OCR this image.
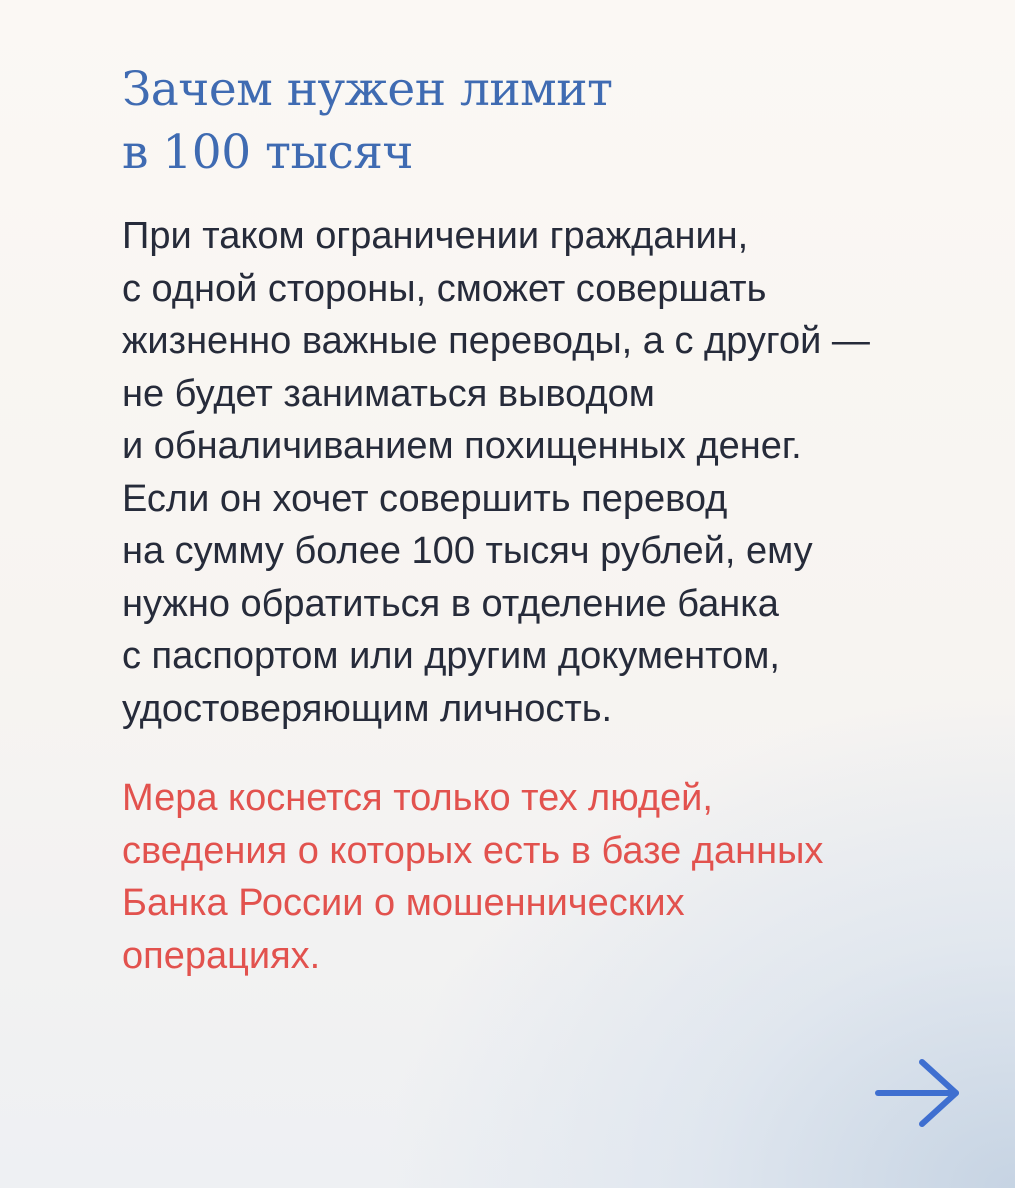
Зачем нужен лимит
в 100 тысяч

При таком ограничении гражданин,
с одной стороны, сможет совершать
жизненно важные переводы, а с другой —
не будет заниматься выводом
и обналичиванием похищенных денег.
Если он хочет совершить перевод
на сумму более 100 тысяч рублей, ему
нужно обратиться в отделение банка
с паспортом или другим документом,
удостоверяющим личность.

Мера коснется только тех людей,
сведения о которых есть в базе данных
Банка России о мошеннических
операциях.
